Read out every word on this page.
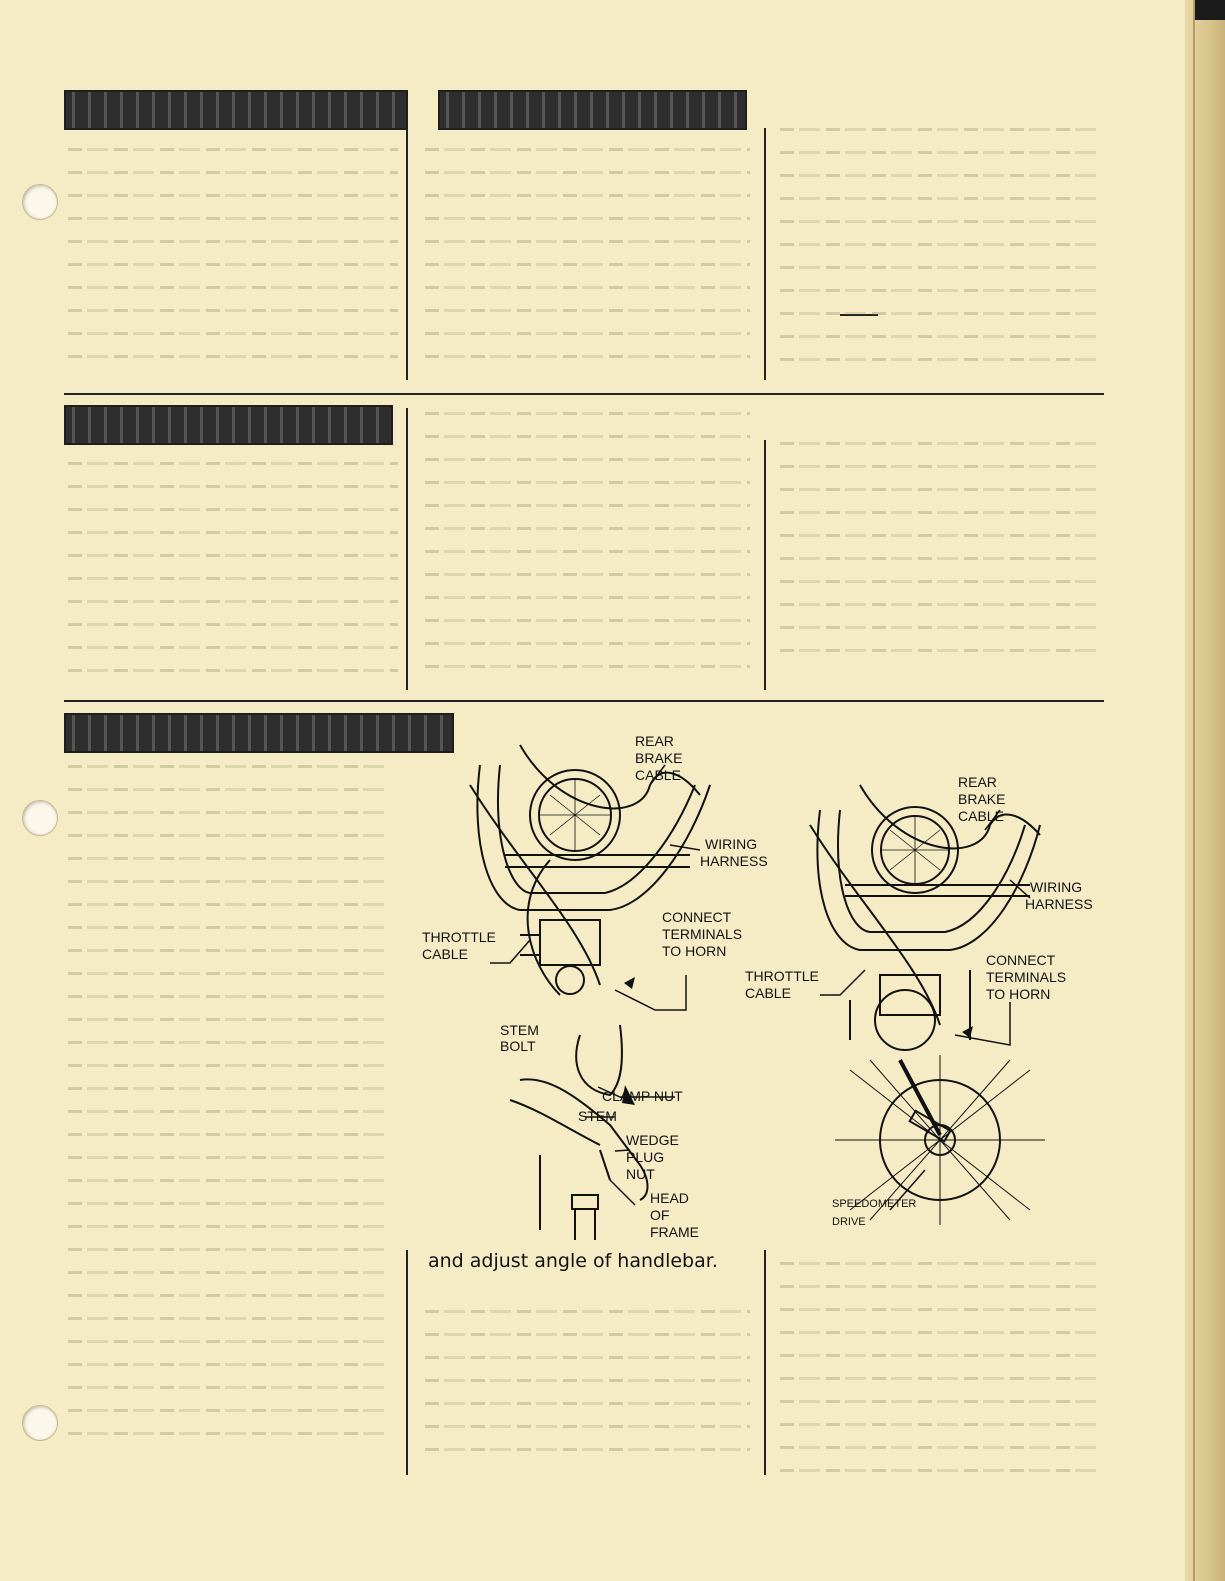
and adjust angle of handlebar.
REAR
BRAKE
CABLE
WIRING
HARNESS
CONNECT
TERMINALS
TO HORN
THROTTLE
CABLE
STEM
BOLT
CLAMP NUT
STEM
WEDGE
PLUG
NUT
HEAD
OF
FRAME
REAR
BRAKE
CABLE
WIRING
HARNESS
CONNECT
TERMINALS
TO HORN
THROTTLE
CABLE
SPEEDOMETER
DRIVE
